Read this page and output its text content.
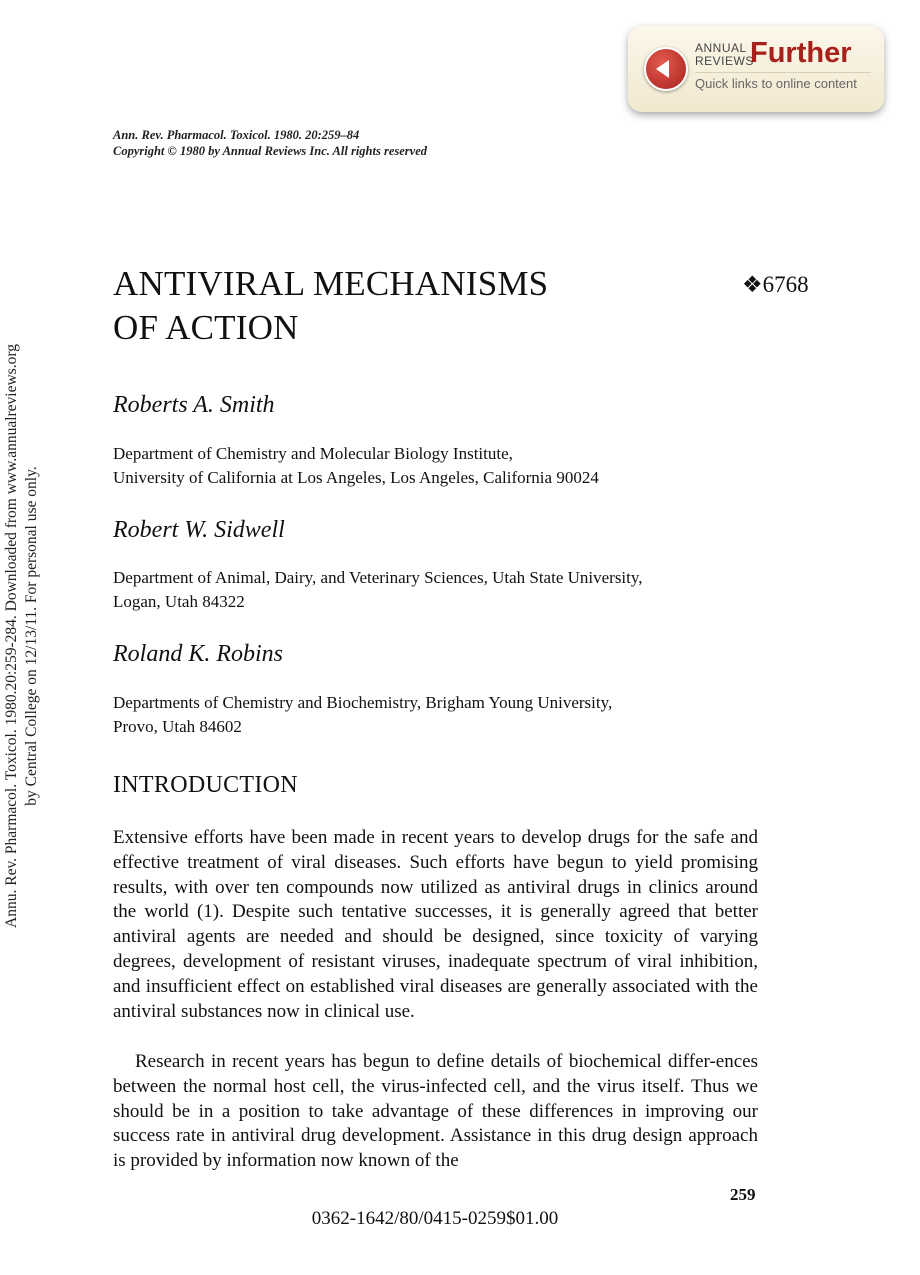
Annu. Rev. Pharmacol. Toxicol. 1980.20:259-284. Downloaded from www.annualreviews.org by Central College on 12/13/11. For personal use only.
ANNUAL
REVIEWS
Further
Quick links to online content
Ann. Rev. Pharmacol. Toxicol. 1980. 20:259–84
Copyright © 1980 by Annual Reviews Inc. All rights reserved
ANTIVIRAL MECHANISMS
OF ACTION
❖6768
Roberts A. Smith
Department of Chemistry and Molecular Biology Institute,
University of California at Los Angeles, Los Angeles, California 90024
Robert W. Sidwell
Department of Animal, Dairy, and Veterinary Sciences, Utah State University,
Logan, Utah 84322
Roland K. Robins
Departments of Chemistry and Biochemistry, Brigham Young University,
Provo, Utah 84602
INTRODUCTION
Extensive efforts have been made in recent years to develop drugs for the safe and effective treatment of viral diseases. Such efforts have begun to yield promising results, with over ten compounds now utilized as antiviral drugs in clinics around the world (1). Despite such tentative successes, it is generally agreed that better antiviral agents are needed and should be designed, since toxicity of varying degrees, development of resistant viruses, inadequate spectrum of viral inhibition, and insufficient effect on established viral diseases are generally associated with the antiviral substances now in clinical use.
Research in recent years has begun to define details of biochemical differ-ences between the normal host cell, the virus-infected cell, and the virus itself. Thus we should be in a position to take advantage of these differences in improving our success rate in antiviral drug development. Assistance in this drug design approach is provided by information now known of the
259
0362-1642/80/0415-0259$01.00
